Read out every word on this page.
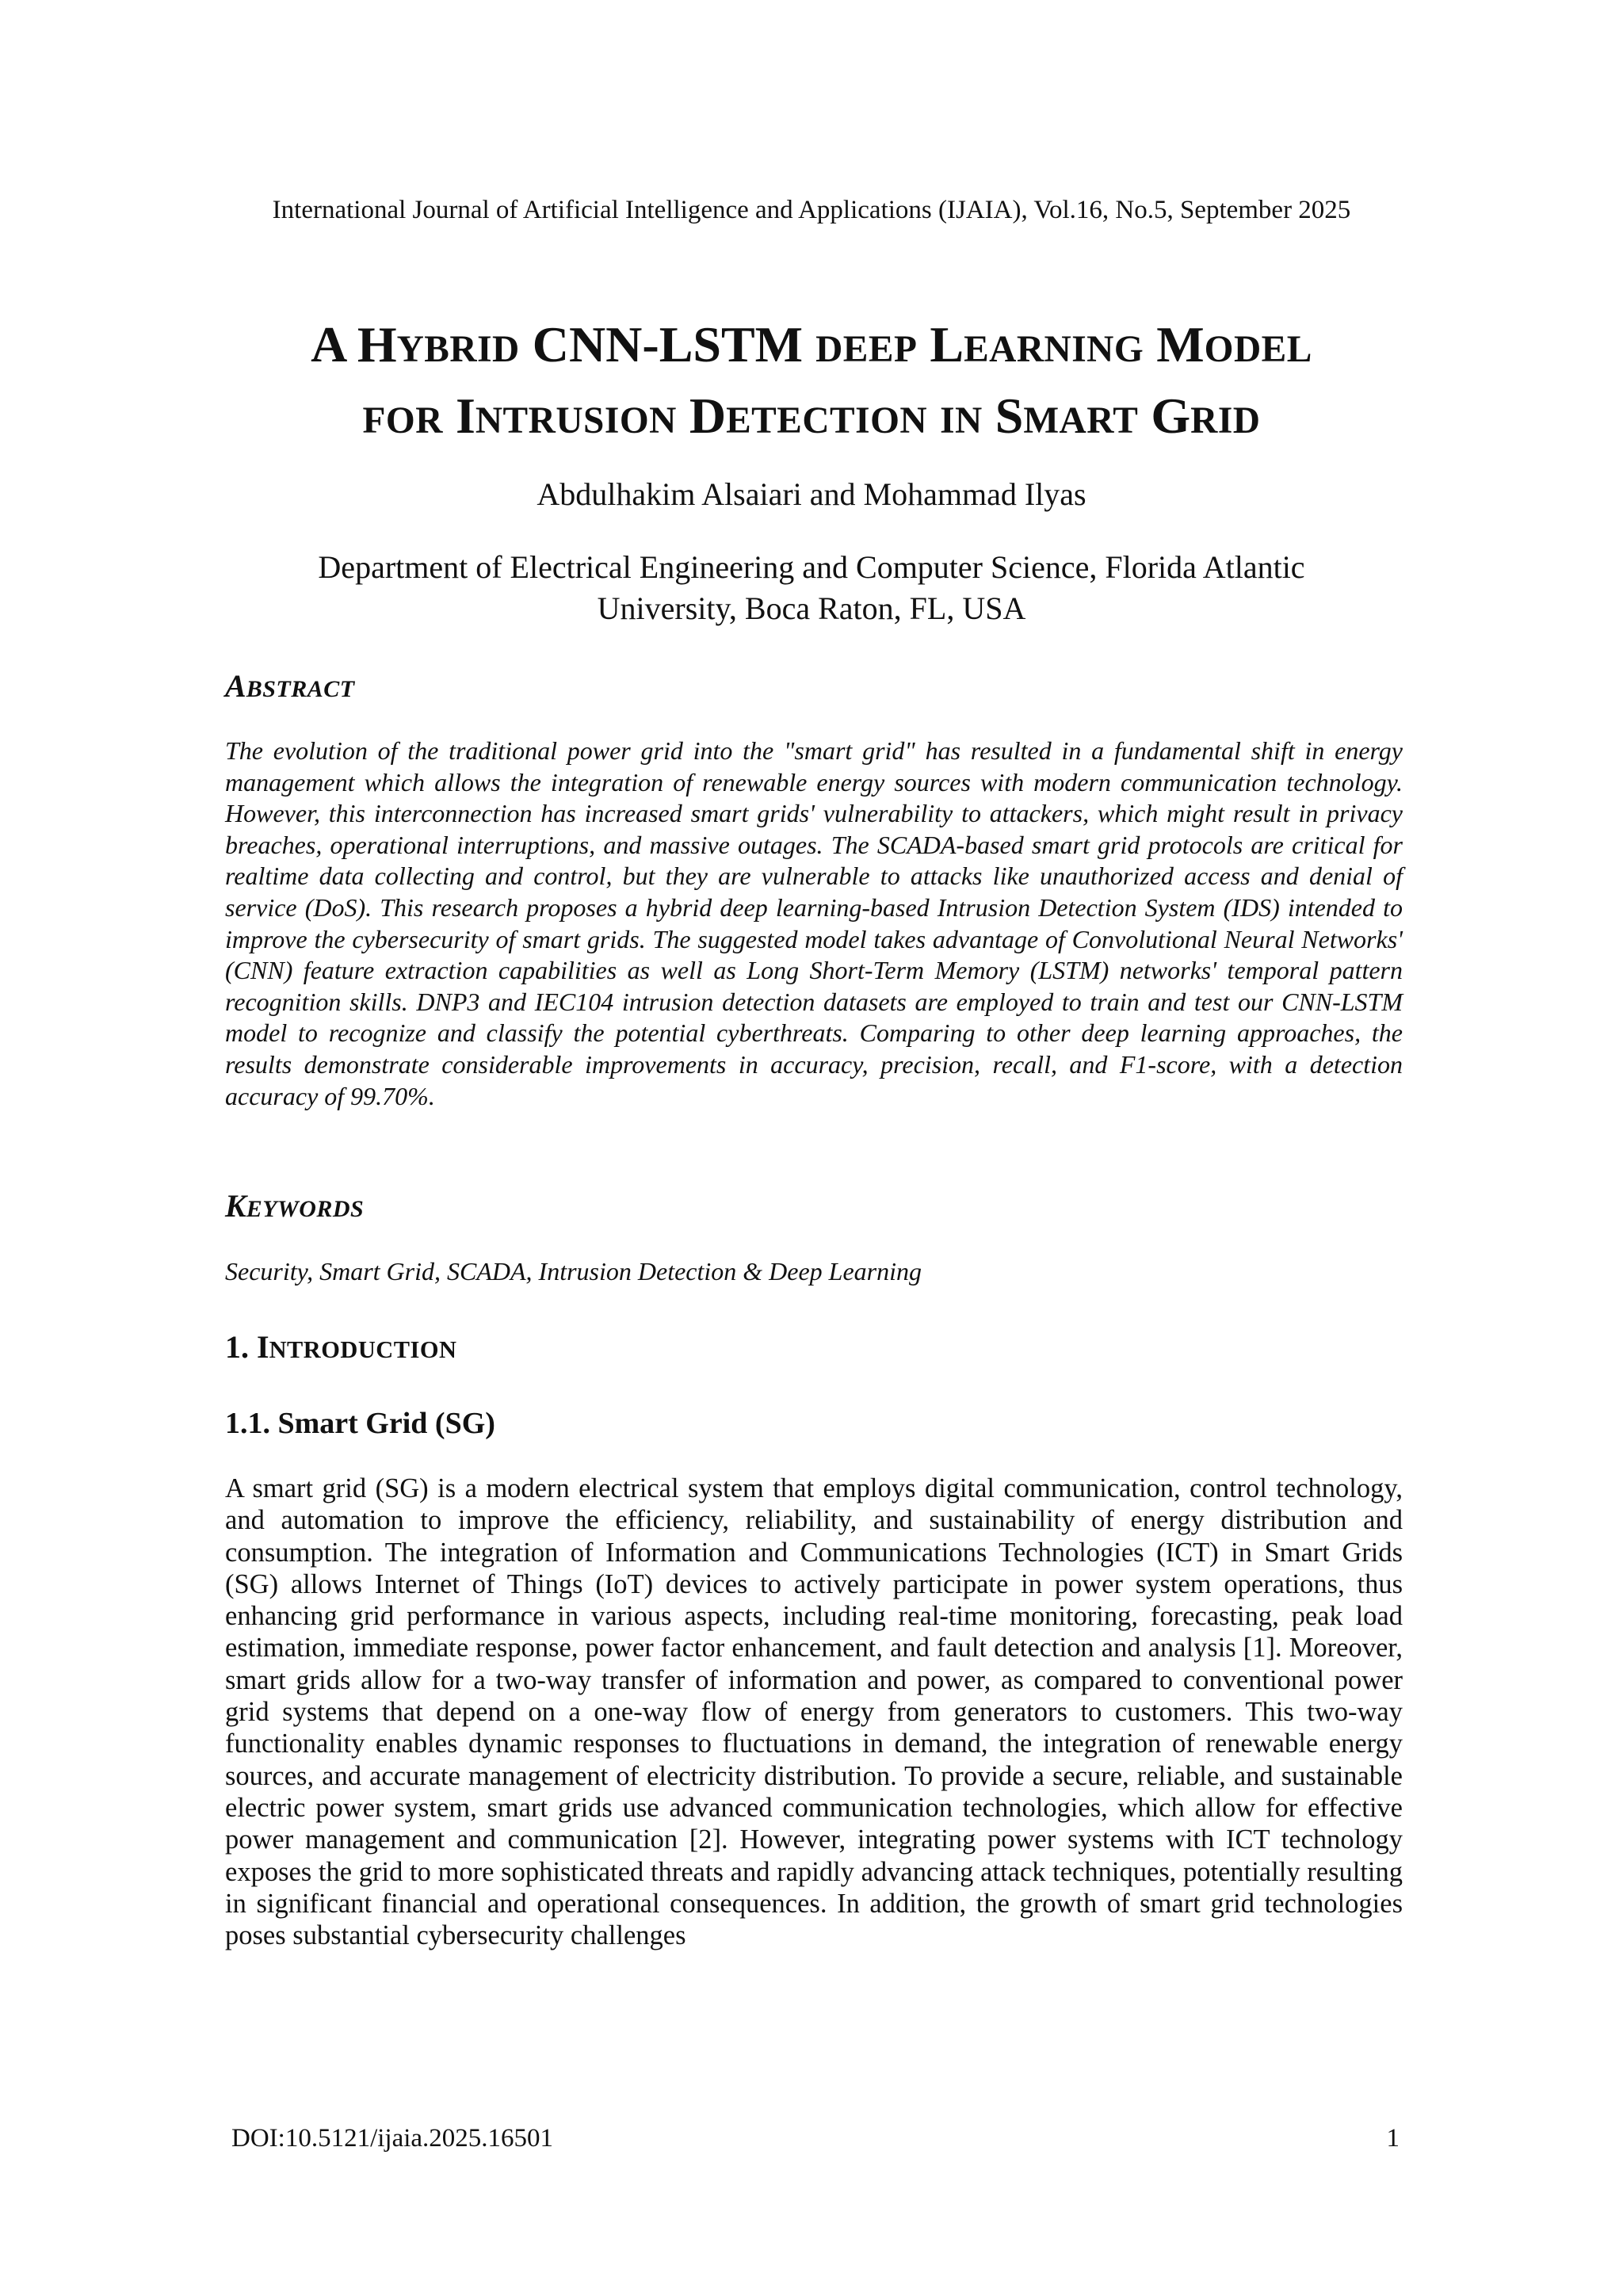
International Journal of Artificial Intelligence and Applications (IJAIA), Vol.16, No.5, September 2025
A HYBRID CNN-LSTM DEEP LEARNING MODEL
FOR INTRUSION DETECTION IN SMART GRID
Abdulhakim Alsaiari and Mohammad Ilyas
Department of Electrical Engineering and Computer Science, Florida Atlantic University, Boca Raton, FL, USA
ABSTRACT

The evolution of the traditional power grid into the "smart grid" has resulted in a fundamental shift in energy management which allows the integration of renewable energy sources with modern communication technology. However, this interconnection has increased smart grids' vulnerability to attackers, which might result in privacy breaches, operational interruptions, and massive outages. The SCADA-based smart grid protocols are critical for realtime data collecting and control, but they are vulnerable to attacks like unauthorized access and denial of service (DoS). This research proposes a hybrid deep learning-based Intrusion Detection System (IDS) intended to improve the cybersecurity of smart grids. The suggested model takes advantage of Convolutional Neural Networks' (CNN) feature extraction capabilities as well as Long Short-Term Memory (LSTM) networks' temporal pattern recognition skills. DNP3 and IEC104 intrusion detection datasets are employed to train and test our CNN-LSTM model to recognize and classify the potential cyberthreats. Comparing to other deep learning approaches, the results demonstrate considerable improvements in accuracy, precision, recall, and F1-score, with a detection accuracy of 99.70%.

KEYWORDS

Security, Smart Grid, SCADA, Intrusion Detection & Deep Learning

1. INTRODUCTION
1.1. Smart Grid (SG)

A smart grid (SG) is a modern electrical system that employs digital communication, control technology, and automation to improve the efficiency, reliability, and sustainability of energy distribution and consumption. The integration of Information and Communications Technologies (ICT) in Smart Grids (SG) allows Internet of Things (IoT) devices to actively participate in power system operations, thus enhancing grid performance in various aspects, including real-time monitoring, forecasting, peak load estimation, immediate response, power factor enhancement, and fault detection and analysis [1]. Moreover, smart grids allow for a two-way transfer of information and power, as compared to conventional power grid systems that depend on a one-way flow of energy from generators to customers. This two-way functionality enables dynamic responses to fluctuations in demand, the integration of renewable energy sources, and accurate management of electricity distribution. To provide a secure, reliable, and sustainable electric power system, smart grids use advanced communication technologies, which allow for effective power management and communication [2]. However, integrating power systems with ICT technology exposes the grid to more sophisticated threats and rapidly advancing attack techniques, potentially resulting in significant financial and operational consequences. In addition, the growth of smart grid technologies poses substantial cybersecurity challenges

DOI:10.5121/ijaia.2025.16501	1
